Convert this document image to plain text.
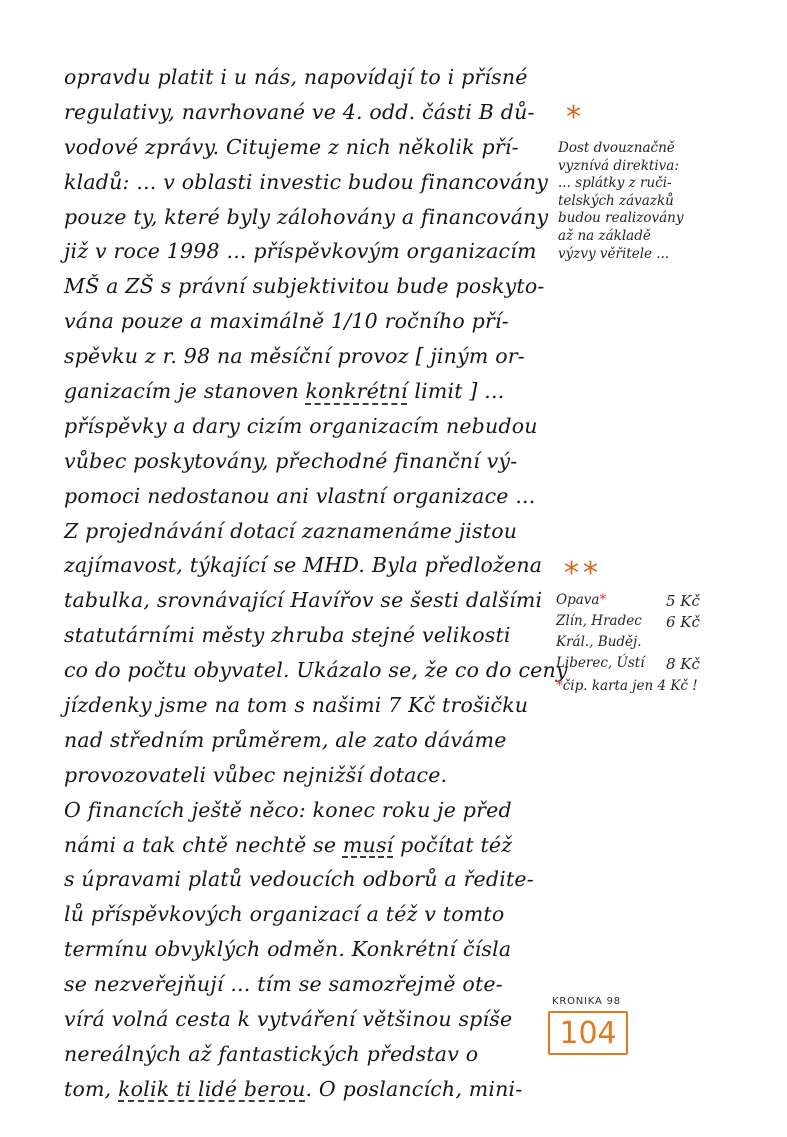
opravdu platit i u nás, napovídají to i přísné
regulativy, navrhované ve 4. odd. části B dů-
vodové zprávy. Citujeme z nich několik pří-
kladů: ... v oblasti investic budou financovány
pouze ty, které byly zálohovány a financovány
již v roce 1998 ... příspěvkovým organizacím
MŠ a ZŠ s právní subjektivitou bude poskyto-
vána pouze a maximálně 1/10 ročního pří-
spěvku z r. 98 na měsíční provoz [ jiným or-
ganizacím je stanoven konkrétní limit ] ...
příspěvky a dary cizím organizacím nebudou
vůbec poskytovány, přechodné finanční vý-
pomoci nedostanou ani vlastní organizace ...
Z projednávání dotací zaznamenáme jistou
zajímavost, týkající se MHD. Byla předložena
tabulka, srovnávající Havířov se šesti dalšími
statutárními městy zhruba stejné velikosti
co do počtu obyvatel. Ukázalo se, že co do ceny
jízdenky jsme na tom s našimi 7 Kč trošičku
nad středním průměrem, ale zato dáváme
provozovateli vůbec nejnižší dotace.
O financích ještě něco: konec roku je před
námi a tak chtě nechtě se musí počítat též
s úpravami platů vedoucích odborů a ředite-
lů příspěvkových organizací a též v tomto
termínu obvyklých odměn. Konkrétní čísla
se nezveřejňují ... tím se samozřejmě ote-
vírá volná cesta k vytváření většinou spíše
nereálných až fantastických představ o
tom, kolik ti lidé berou. O poslancích, mini-
*
Dost dvouznačně
vyznívá direktiva:
... splátky z ruči-
telských závazků
budou realizovány
až na základě
výzvy věřitele ...
**
Opava*	5 Kč
Zlín, Hradec 6 Kč
Král., Buděj.
Liberec, Ústí 8 Kč
*čip. karta jen 4 Kč !
KRONIKA 98
104
